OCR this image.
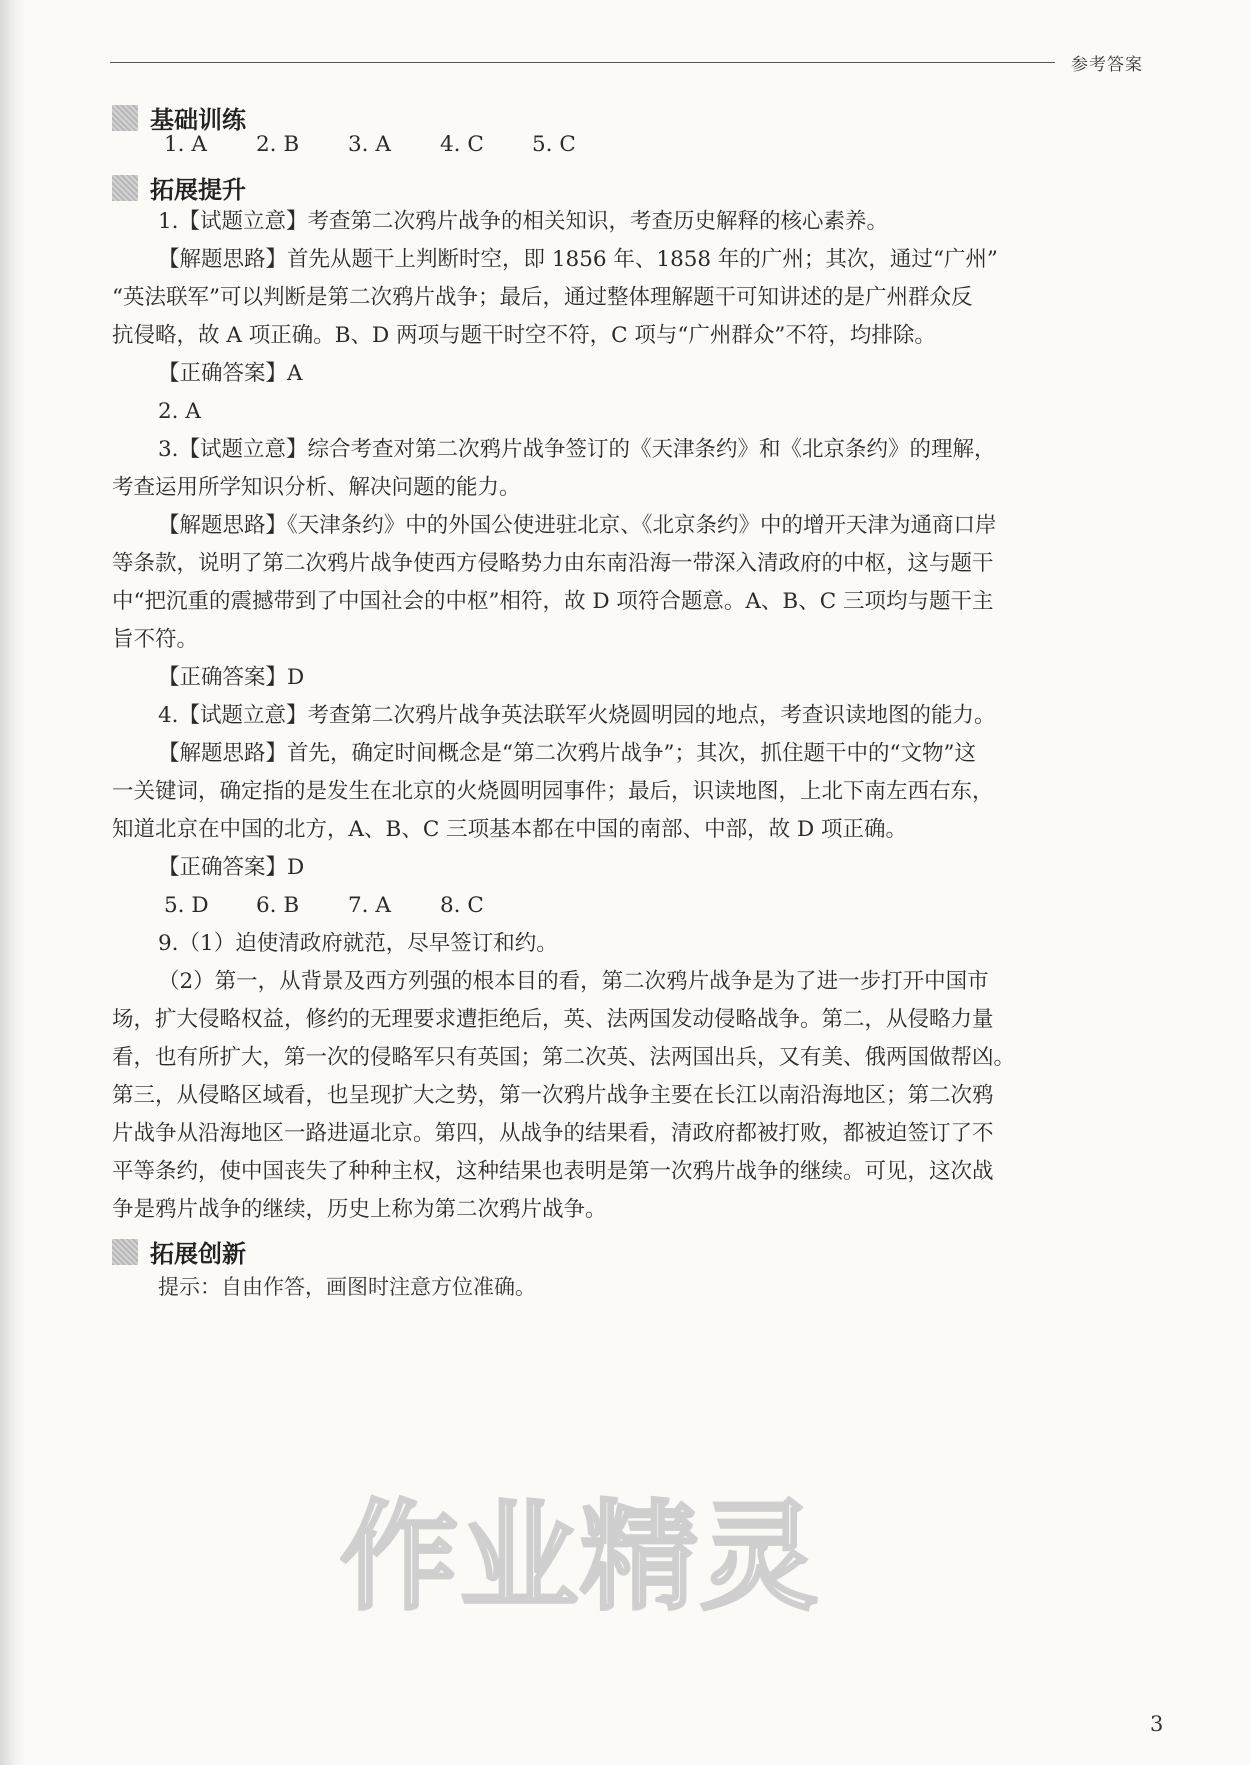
参考答案
基础训练
1. A	2. B	3. A	4. C	5. C
拓展提升
1.【试题立意】考查第二次鸦片战争的相关知识，考查历史解释的核心素养。
【解题思路】首先从题干上判断时空，即 1856 年、1858 年的广州；其次，通过“广州”
“英法联军”可以判断是第二次鸦片战争；最后，通过整体理解题干可知讲述的是广州群众反
抗侵略，故 A 项正确。B、D 两项与题干时空不符，C 项与“广州群众”不符，均排除。
【正确答案】A
2. A
3.【试题立意】综合考查对第二次鸦片战争签订的《天津条约》和《北京条约》的理解，
考查运用所学知识分析、解决问题的能力。
【解题思路】《天津条约》中的外国公使进驻北京、《北京条约》中的增开天津为通商口岸
等条款，说明了第二次鸦片战争使西方侵略势力由东南沿海一带深入清政府的中枢，这与题干
中“把沉重的震撼带到了中国社会的中枢”相符，故 D 项符合题意。A、B、C 三项均与题干主
旨不符。
【正确答案】D
4.【试题立意】考查第二次鸦片战争英法联军火烧圆明园的地点，考查识读地图的能力。
【解题思路】首先，确定时间概念是“第二次鸦片战争”；其次，抓住题干中的“文物”这
一关键词，确定指的是发生在北京的火烧圆明园事件；最后，识读地图，上北下南左西右东，
知道北京在中国的北方，A、B、C 三项基本都在中国的南部、中部，故 D 项正确。
【正确答案】D
5. D	6. B	7. A	8. C
9.（1）迫使清政府就范，尽早签订和约。
（2）第一，从背景及西方列强的根本目的看，第二次鸦片战争是为了进一步打开中国市
场，扩大侵略权益，修约的无理要求遭拒绝后，英、法两国发动侵略战争。第二，从侵略力量
看，也有所扩大，第一次的侵略军只有英国；第二次英、法两国出兵，又有美、俄两国做帮凶。
第三，从侵略区域看，也呈现扩大之势，第一次鸦片战争主要在长江以南沿海地区；第二次鸦
片战争从沿海地区一路进逼北京。第四，从战争的结果看，清政府都被打败，都被迫签订了不
平等条约，使中国丧失了种种主权，这种结果也表明是第一次鸦片战争的继续。可见，这次战
争是鸦片战争的继续，历史上称为第二次鸦片战争。
拓展创新
提示：自由作答，画图时注意方位准确。
作业精灵
3
